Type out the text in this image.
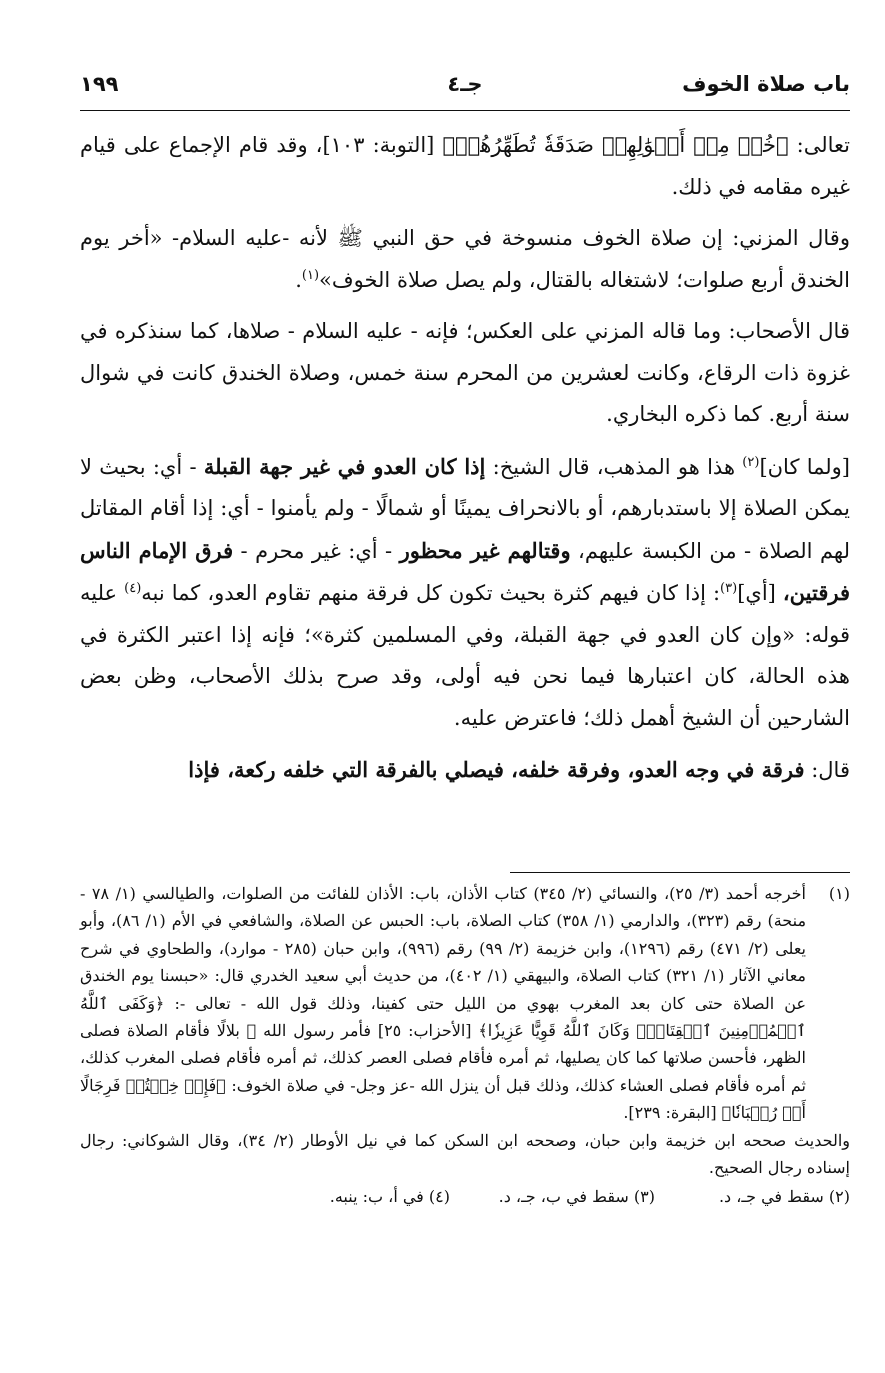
باب صلاة الخوف
جـ٤
١٩٩

تعالى: ﴿خُذۡ مِنۡ أَمۡوَٰلِهِمۡ صَدَقَةٗ تُطَهِّرُهُمۡ﴾ [التوبة: ١٠٣]، وقد قام الإجماع على قيام غيره مقامه في ذلك.

وقال المزني: إن صلاة الخوف منسوخة في حق النبي ﷺ لأنه -عليه السلام- «أخر يوم الخندق أربع صلوات؛ لاشتغاله بالقتال، ولم يصل صلاة الخوف»$^{(١)}$.

قال الأصحاب: وما قاله المزني على العكس؛ فإنه - عليه السلام - صلاها، كما سنذكره في غزوة ذات الرقاع، وكانت لعشرين من المحرم سنة خمس، وصلاة الخندق كانت في شوال سنة أربع. كما ذكره البخاري.

[ولما كان]$^{(٢)}$ هذا هو المذهب، قال الشيخ: إذا كان العدو في غير جهة القبلة - أي: بحيث لا يمكن الصلاة إلا باستدبارهم، أو بالانحراف يمينًا أو شمالًا - ولم يأمنوا - أي: إذا أقام المقاتل لهم الصلاة - من الكبسة عليهم، وقتالهم غير محظور - أي: غير محرم - فرق الإمام الناس فرقتين، [أي]$^{(٣)}$: إذا كان فيهم كثرة بحيث تكون كل فرقة منهم تقاوم العدو، كما نبه$^{(٤)}$ عليه قوله: «وإن كان العدو في جهة القبلة، وفي المسلمين كثرة»؛ فإنه إذا اعتبر الكثرة في هذه الحالة، كان اعتبارها فيما نحن فيه أولى، وقد صرح بذلك الأصحاب، وظن بعض الشارحين أن الشيخ أهمل ذلك؛ فاعترض عليه.

قال: فرقة في وجه العدو، وفرقة خلفه، فيصلي بالفرقة التي خلفه ركعة، فإذا

(١)
أخرجه أحمد (٣/ ٢٥)، والنسائي (٢/ ٣٤٥) كتاب الأذان، باب: الأذان للفائت من الصلوات، والطيالسي (١/ ٧٨ - منحة) رقم (٣٢٣)، والدارمي (١/ ٣٥٨) كتاب الصلاة، باب: الحبس عن الصلاة، والشافعي في الأم (١/ ٨٦)، وأبو يعلى (٢/ ٤٧١) رقم (١٢٩٦)، وابن خزيمة (٢/ ٩٩) رقم (٩٩٦)، وابن حبان (٢٨٥ - موارد)، والطحاوي في شرح معاني الآثار (١/ ٣٢١) كتاب الصلاة، والبيهقي (١/ ٤٠٢)، من حديث أبي سعيد الخدري قال: «حبسنا يوم الخندق عن الصلاة حتى كان بعد المغرب بهوي من الليل حتى كفينا، وذلك قول الله - تعالى -: ﴿وَكَفَى ٱللَّهُ ٱلۡمُؤۡمِنِينَ ٱلۡقِتَالَۚ وَكَانَ ٱللَّهُ قَوِيًّا عَزِيزٗا﴾ [الأحزاب: ٢٥] فأمر رسول الله ﷺ بلالًا فأقام الصلاة فصلى الظهر، فأحسن صلاتها كما كان يصليها، ثم أمره فأقام فصلى العصر كذلك، ثم أمره فأقام فصلى المغرب كذلك، ثم أمره فأقام فصلى العشاء كذلك، وذلك قبل أن ينزل الله -عز وجل- في صلاة الخوف: ﴿فَإِنۡ خِفۡتُمۡ فَرِجَالًا أَوۡ رُكۡبَانٗا﴾ [البقرة: ٢٣٩].

والحديث صححه ابن خزيمة وابن حبان، وصححه ابن السكن كما في نيل الأوطار (٢/ ٣٤)، وقال الشوكاني: رجال إسناده رجال الصحيح.

(٢) سقط في جـ، د.
(٣) سقط في ب، جـ، د.
(٤) في أ، ب: ينبه.
